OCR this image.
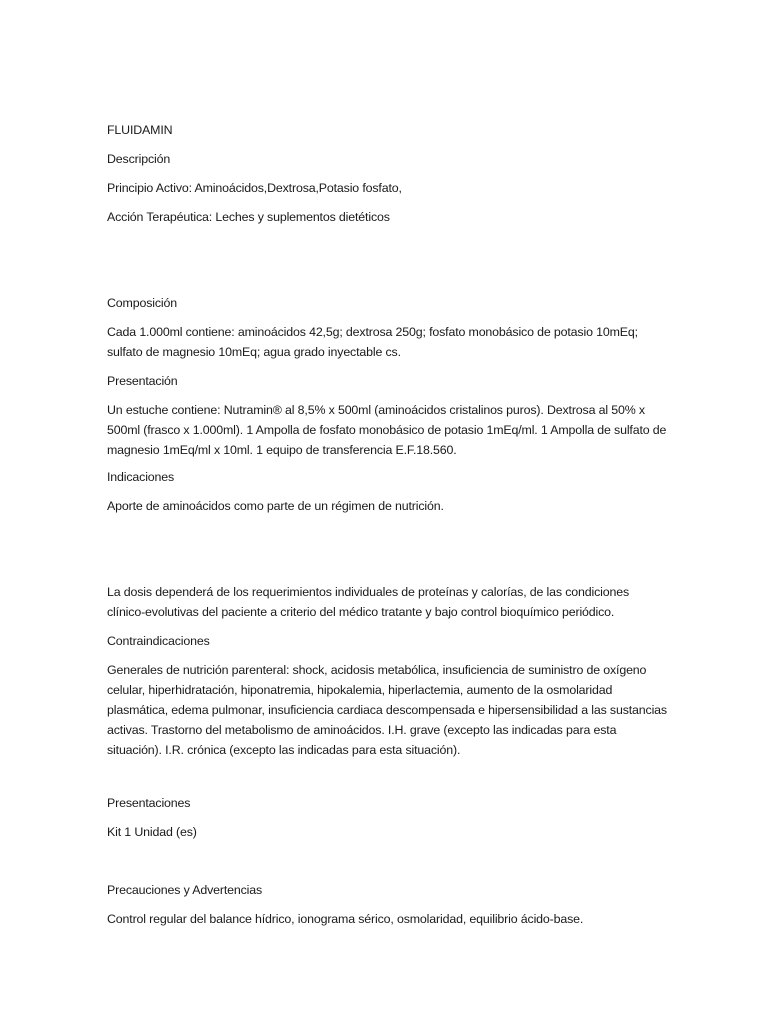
FLUIDAMIN
Descripción
Principio Activo: Aminoácidos,Dextrosa,Potasio fosfato,
Acción Terapéutica: Leches y suplementos dietéticos
Composición
Cada 1.000ml contiene: aminoácidos 42,5g; dextrosa 250g; fosfato monobásico de potasio 10mEq; sulfato de magnesio 10mEq; agua grado inyectable cs.
Presentación
Un estuche contiene: Nutramin® al 8,5% x 500ml (aminoácidos cristalinos puros). Dextrosa al 50% x 500ml (frasco x 1.000ml). 1 Ampolla de fosfato monobásico de potasio 1mEq/ml. 1 Ampolla de sulfato de magnesio 1mEq/ml x 10ml. 1 equipo de transferencia E.F.18.560.
Indicaciones
Aporte de aminoácidos como parte de un régimen de nutrición.
La dosis dependerá de los requerimientos individuales de proteínas y calorías, de las condiciones clínico-evolutivas del paciente a criterio del médico tratante y bajo control bioquímico periódico.
Contraindicaciones
Generales de nutrición parenteral: shock, acidosis metabólica, insuficiencia de suministro de oxígeno celular, hiperhidratación, hiponatremia, hipokalemia, hiperlactemia, aumento de la osmolaridad plasmática, edema pulmonar, insuficiencia cardiaca descompensada e hipersensibilidad a las sustancias activas. Trastorno del metabolismo de aminoácidos. I.H. grave (excepto las indicadas para esta situación). I.R. crónica (excepto las indicadas para esta situación).
Presentaciones
Kit 1 Unidad (es)
Precauciones y Advertencias
Control regular del balance hídrico, ionograma sérico, osmolaridad, equilibrio ácido-base.
